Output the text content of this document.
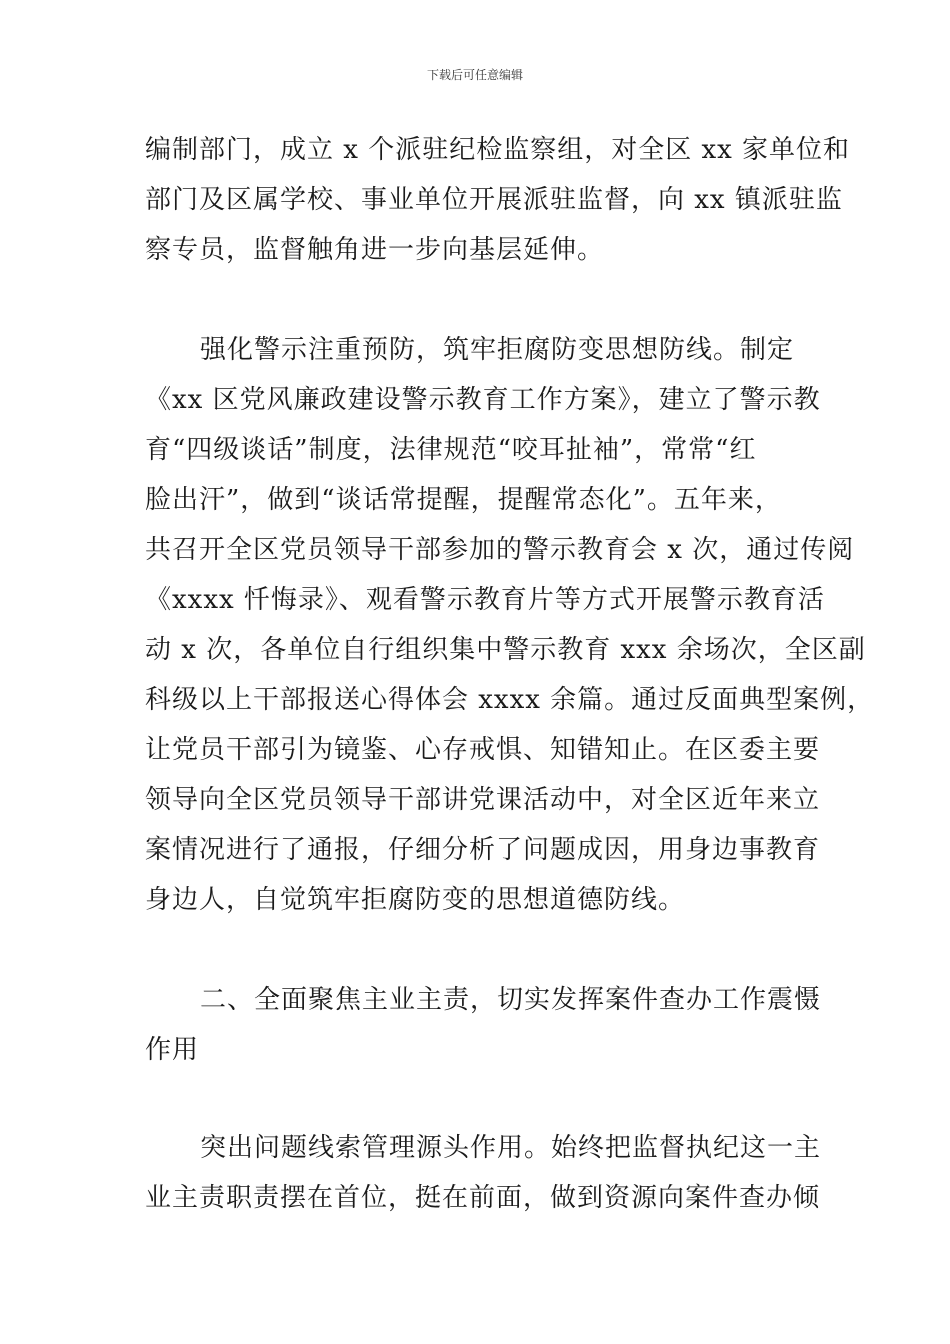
下载后可任意编辑
编制部门，成立 x 个派驻纪检监察组，对全区 xx 家单位和
部门及区属学校、事业单位开展派驻监督，向 xx 镇派驻监
察专员，监督触角进一步向基层延伸。
强化警示注重预防，筑牢拒腐防变思想防线。制定
《xx 区党风廉政建设警示教育工作方案》，建立了警示教
育“四级谈话”制度，法律规范“咬耳扯袖”，常常“红
脸出汗”，做到“谈话常提醒，提醒常态化”。五年来，
共召开全区党员领导干部参加的警示教育会 x 次，通过传阅
《xxxx 忏悔录》、观看警示教育片等方式开展警示教育活
动 x 次，各单位自行组织集中警示教育 xxx 余场次，全区副
科级以上干部报送心得体会 xxxx 余篇。通过反面典型案例，
让党员干部引为镜鉴、心存戒惧、知错知止。在区委主要
领导向全区党员领导干部讲党课活动中，对全区近年来立
案情况进行了通报，仔细分析了问题成因，用身边事教育
身边人，自觉筑牢拒腐防变的思想道德防线。
二、全面聚焦主业主责，切实发挥案件查办工作震慑
作用
突出问题线索管理源头作用。始终把监督执纪这一主
业主责职责摆在首位，挺在前面，做到资源向案件查办倾
